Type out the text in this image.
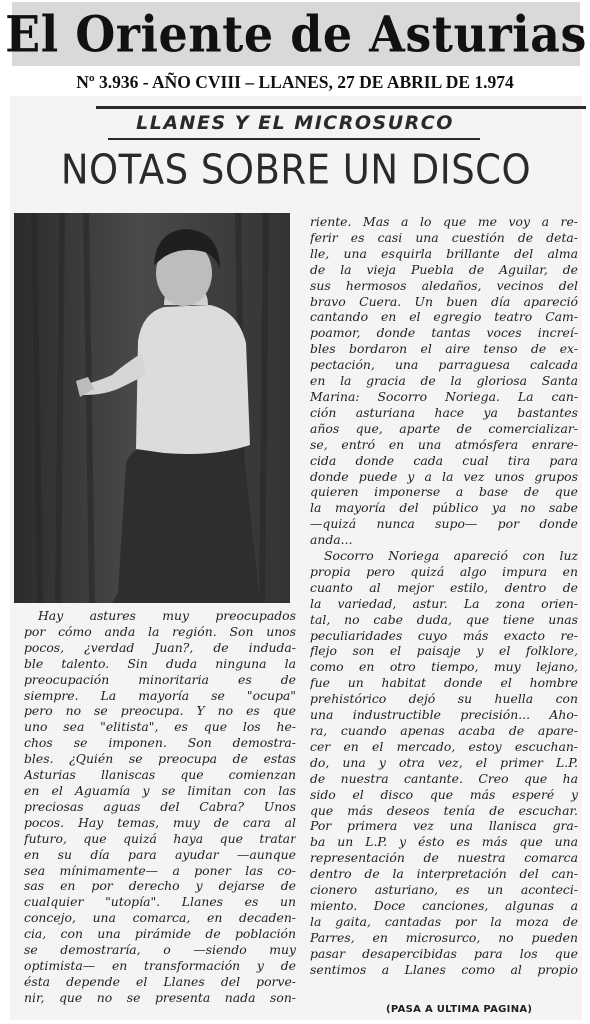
El Oriente de Asturias
Nº 3.936 - AÑO CVIII – LLANES, 27 DE ABRIL DE 1.974
LLANES Y EL MICROSURCO
NOTAS SOBRE UN DISCO
Hay astures muy preocupados
por cómo anda la región. Son unos
pocos, ¿verdad Juan?, de induda-
ble talento. Sin duda ninguna la
preocupación minoritaria es de
siempre. La mayoría se "ocupa"
pero no se preocupa. Y no es que
uno sea "elitista", es que los he-
chos se imponen. Son demostra-
bles. ¿Quién se preocupa de estas
Asturias llaniscas que comienzan
en el Aguamía y se limitan con las
preciosas aguas del Cabra? Unos
pocos. Hay temas, muy de cara al
futuro, que quizá haya que tratar
en su día para ayudar —aunque
sea mínimamente— a poner las co-
sas en por derecho y dejarse de
cualquier "utopía". Llanes es un
concejo, una comarca, en decaden-
cia, con una pirámide de población
se demostraría, o —siendo muy
optimista— en transformación y de
ésta depende el Llanes del porve-
nir, que no se presenta nada son-
riente. Mas a lo que me voy a re-
ferir es casi una cuestión de deta-
lle, una esquirla brillante del alma
de la vieja Puebla de Aguilar, de
sus hermosos aledaños, vecinos del
bravo Cuera. Un buen día apareció
cantando en el egregio teatro Cam-
poamor, donde tantas voces increí-
bles bordaron el aire tenso de ex-
pectación, una parraguesa calcada
en la gracia de la gloriosa Santa
Marina: Socorro Noriega. La can-
ción asturiana hace ya bastantes
años que, aparte de comercializar-
se, entró en una atmósfera enrare-
cida donde cada cual tira para
donde puede y a la vez unos grupos
quieren imponerse a base de que
la mayoría del público ya no sabe
—quizá nunca supo— por donde
anda...
Socorro Noriega apareció con luz
propia pero quizá algo impura en
cuanto al mejor estilo, dentro de
la variedad, astur. La zona orien-
tal, no cabe duda, que tiene unas
peculiaridades cuyo más exacto re-
flejo son el paisaje y el folklore,
como en otro tiempo, muy lejano,
fue un habitat donde el hombre
prehistórico dejó su huella con
una industructible precisión... Aho-
ra, cuando apenas acaba de apare-
cer en el mercado, estoy escuchan-
do, una y otra vez, el primer L.P.
de nuestra cantante. Creo que ha
sido el disco que más esperé y
que más deseos tenía de escuchar.
Por primera vez una llanisca gra-
ba un L.P. y ésto es más que una
representación de nuestra comarca
dentro de la interpretación del can-
cionero asturiano, es un aconteci-
miento. Doce canciones, algunas a
la gaita, cantadas por la moza de
Parres, en microsurco, no pueden
pasar desapercibidas para los que
sentimos a Llanes como al propio
(PASA A ULTIMA PAGINA)
